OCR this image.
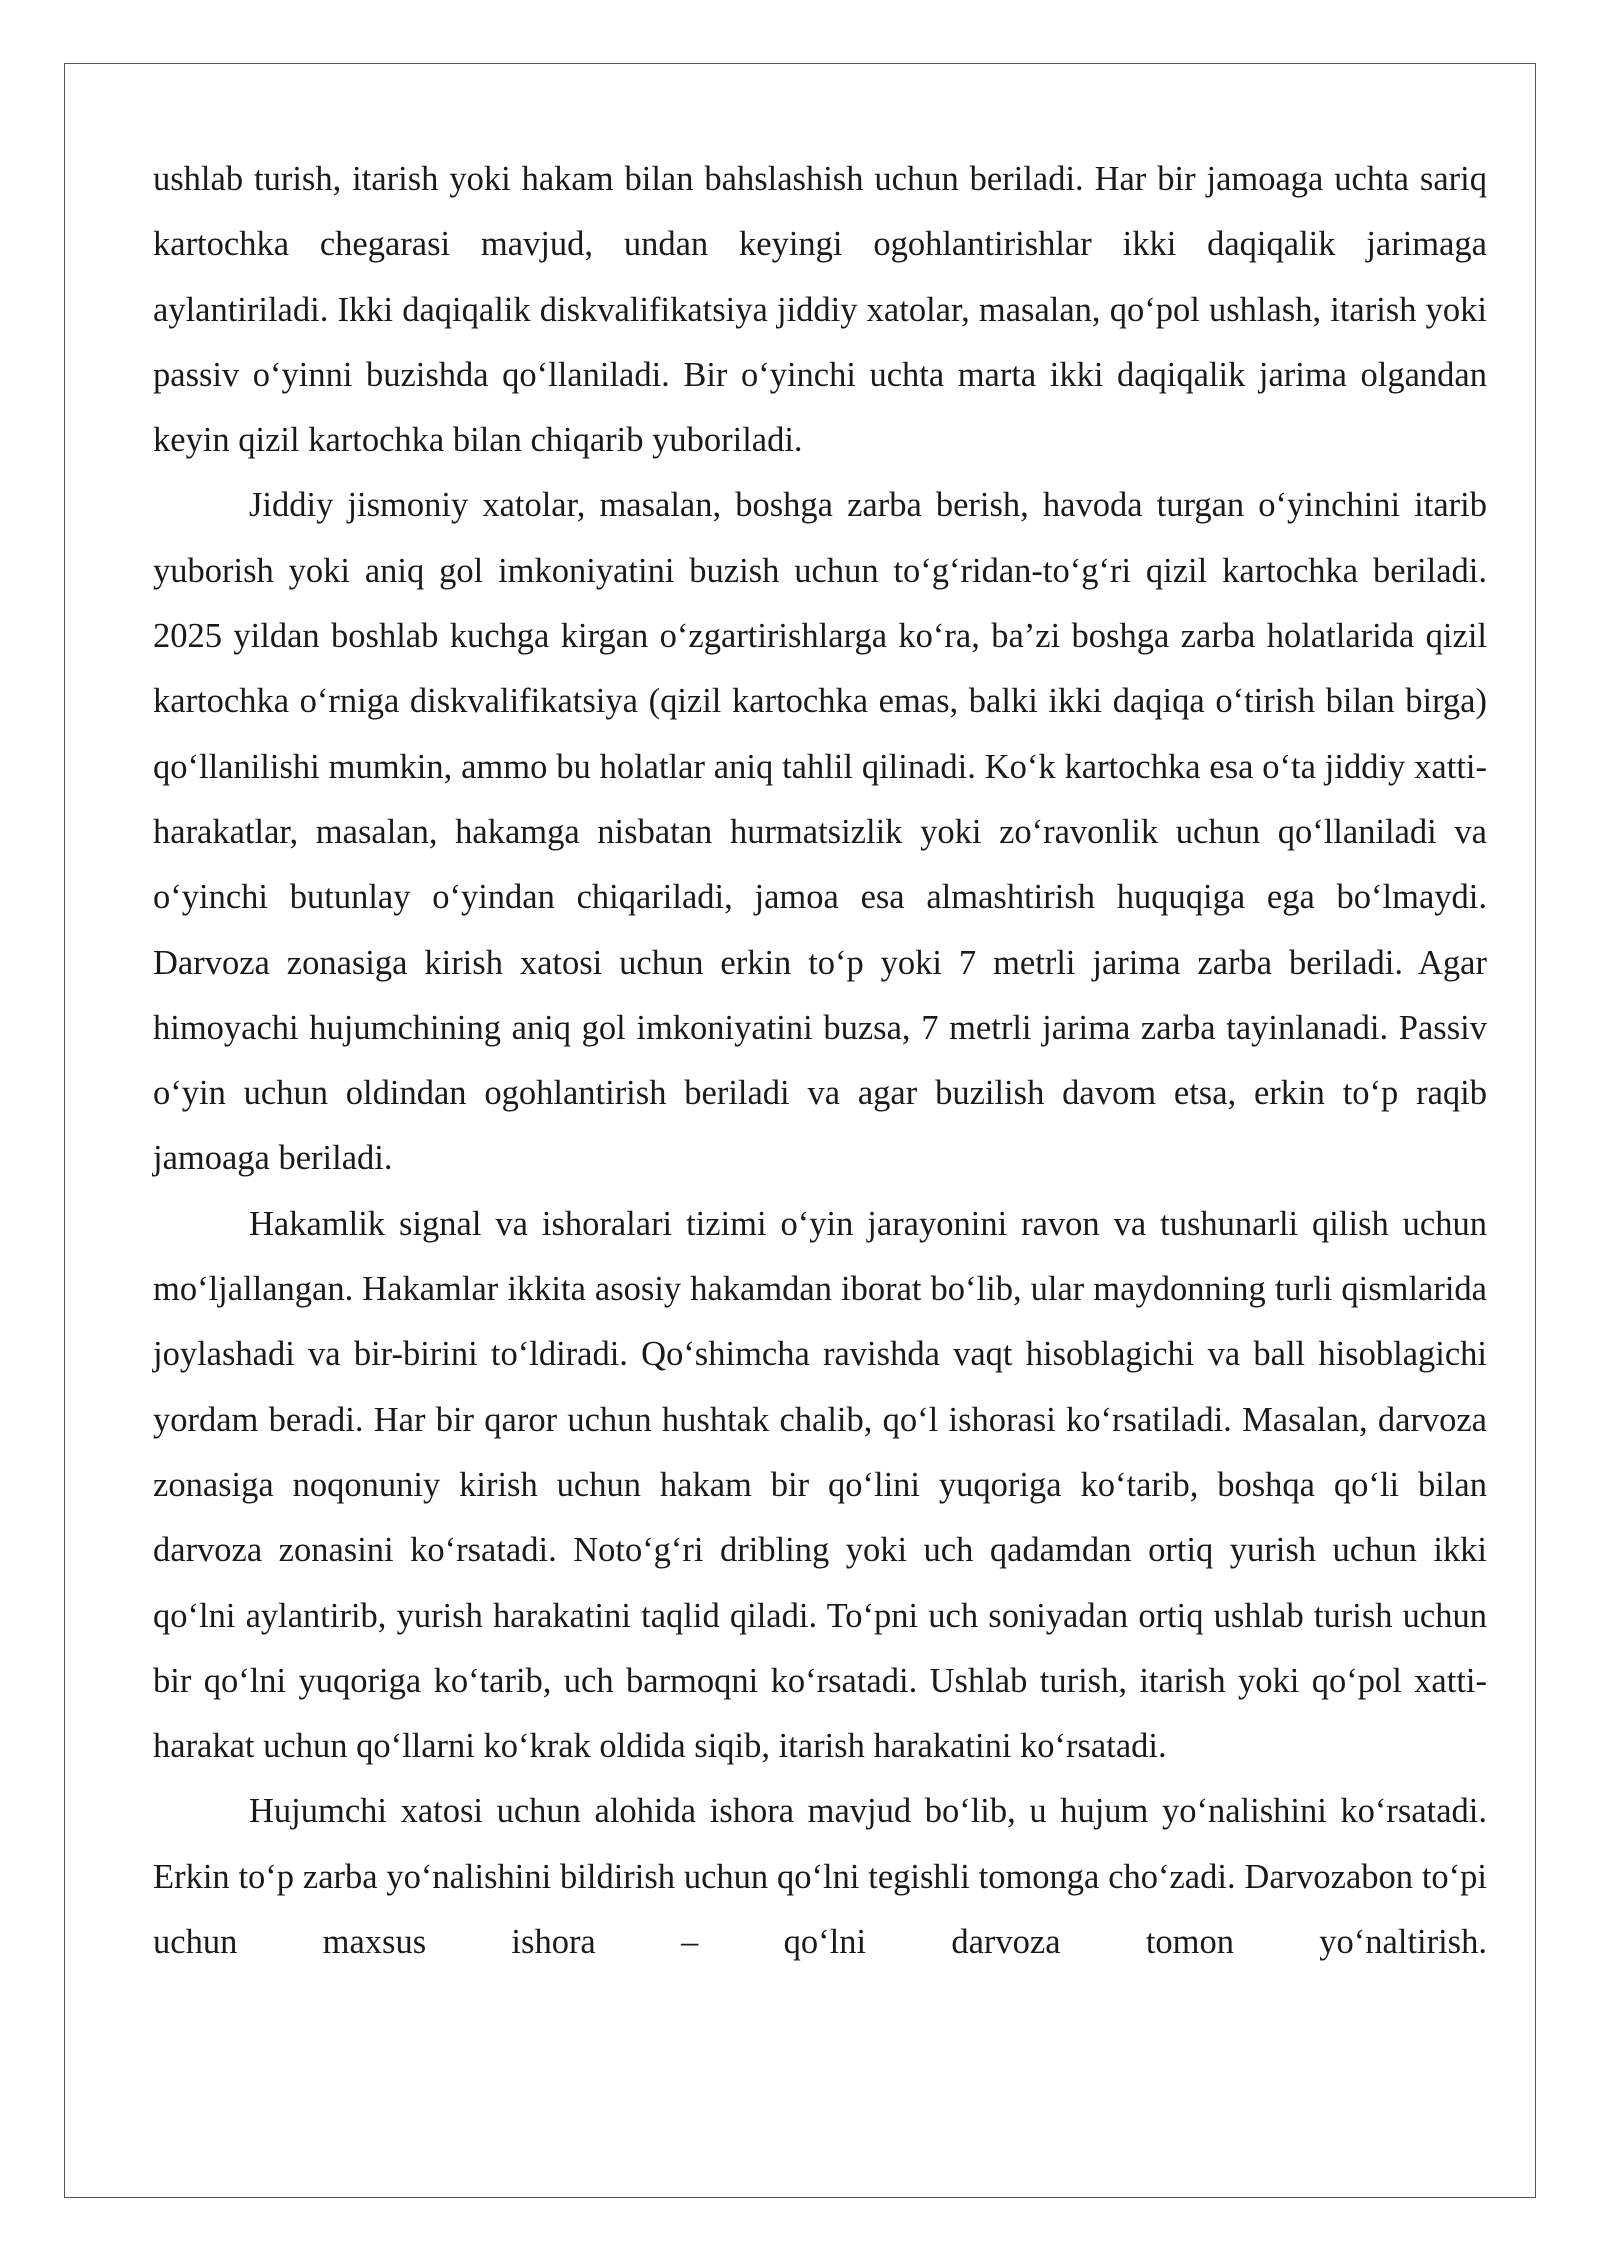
ushlab turish, itarish yoki hakam bilan bahslashish uchun beriladi. Har bir jamoaga uchta sariq kartochka chegarasi mavjud, undan keyingi ogohlantirishlar ikki daqiqalik jarimaga aylantiriladi. Ikki daqiqalik diskvalifikatsiya jiddiy xatolar, masalan, qo‘pol ushlash, itarish yoki passiv o‘yinni buzishda qo‘llaniladi. Bir o‘yinchi uchta marta ikki daqiqalik jarima olgandan keyin qizil kartochka bilan chiqarib yuboriladi.

Jiddiy jismoniy xatolar, masalan, boshga zarba berish, havoda turgan o‘yinchini itarib yuborish yoki aniq gol imkoniyatini buzish uchun to‘g‘ridan-to‘g‘ri qizil kartochka beriladi. 2025 yildan boshlab kuchga kirgan o‘zgartirishlarga ko‘ra, ba’zi boshga zarba holatlarida qizil kartochka o‘rniga diskvalifikatsiya (qizil kartochka emas, balki ikki daqiqa o‘tirish bilan birga) qo‘llanilishi mumkin, ammo bu holatlar aniq tahlil qilinadi. Ko‘k kartochka esa o‘ta jiddiy xatti-harakatlar, masalan, hakamga nisbatan hurmatsizlik yoki zo‘ravonlik uchun qo‘llaniladi va o‘yinchi butunlay o‘yindan chiqariladi, jamoa esa almashtirish huquqiga ega bo‘lmaydi. Darvoza zonasiga kirish xatosi uchun erkin to‘p yoki 7 metrli jarima zarba beriladi. Agar himoyachi hujumchining aniq gol imkoniyatini buzsa, 7 metrli jarima zarba tayinlanadi. Passiv o‘yin uchun oldindan ogohlantirish beriladi va agar buzilish davom etsa, erkin to‘p raqib jamoaga beriladi.

Hakamlik signal va ishoralari tizimi o‘yin jarayonini ravon va tushunarli qilish uchun mo‘ljallangan. Hakamlar ikkita asosiy hakamdan iborat bo‘lib, ular maydonning turli qismlarida joylashadi va bir-birini to‘ldiradi. Qo‘shimcha ravishda vaqt hisoblagichi va ball hisoblagichi yordam beradi. Har bir qaror uchun hushtak chalib, qo‘l ishorasi ko‘rsatiladi. Masalan, darvoza zonasiga noqonuniy kirish uchun hakam bir qo‘lini yuqoriga ko‘tarib, boshqa qo‘li bilan darvoza zonasini ko‘rsatadi. Noto‘g‘ri dribling yoki uch qadamdan ortiq yurish uchun ikki qo‘lni aylantirib, yurish harakatini taqlid qiladi. To‘pni uch soniyadan ortiq ushlab turish uchun bir qo‘lni yuqoriga ko‘tarib, uch barmoqni ko‘rsatadi. Ushlab turish, itarish yoki qo‘pol xatti-harakat uchun qo‘llarni ko‘krak oldida siqib, itarish harakatini ko‘rsatadi.

Hujumchi xatosi uchun alohida ishora mavjud bo‘lib, u hujum yo‘nalishini ko‘rsatadi. Erkin to‘p zarba yo‘nalishini bildirish uchun qo‘lni tegishli tomonga cho‘zadi. Darvozabon to‘pi uchun maxsus ishora – qo‘lni darvoza tomon yo‘naltirish.
